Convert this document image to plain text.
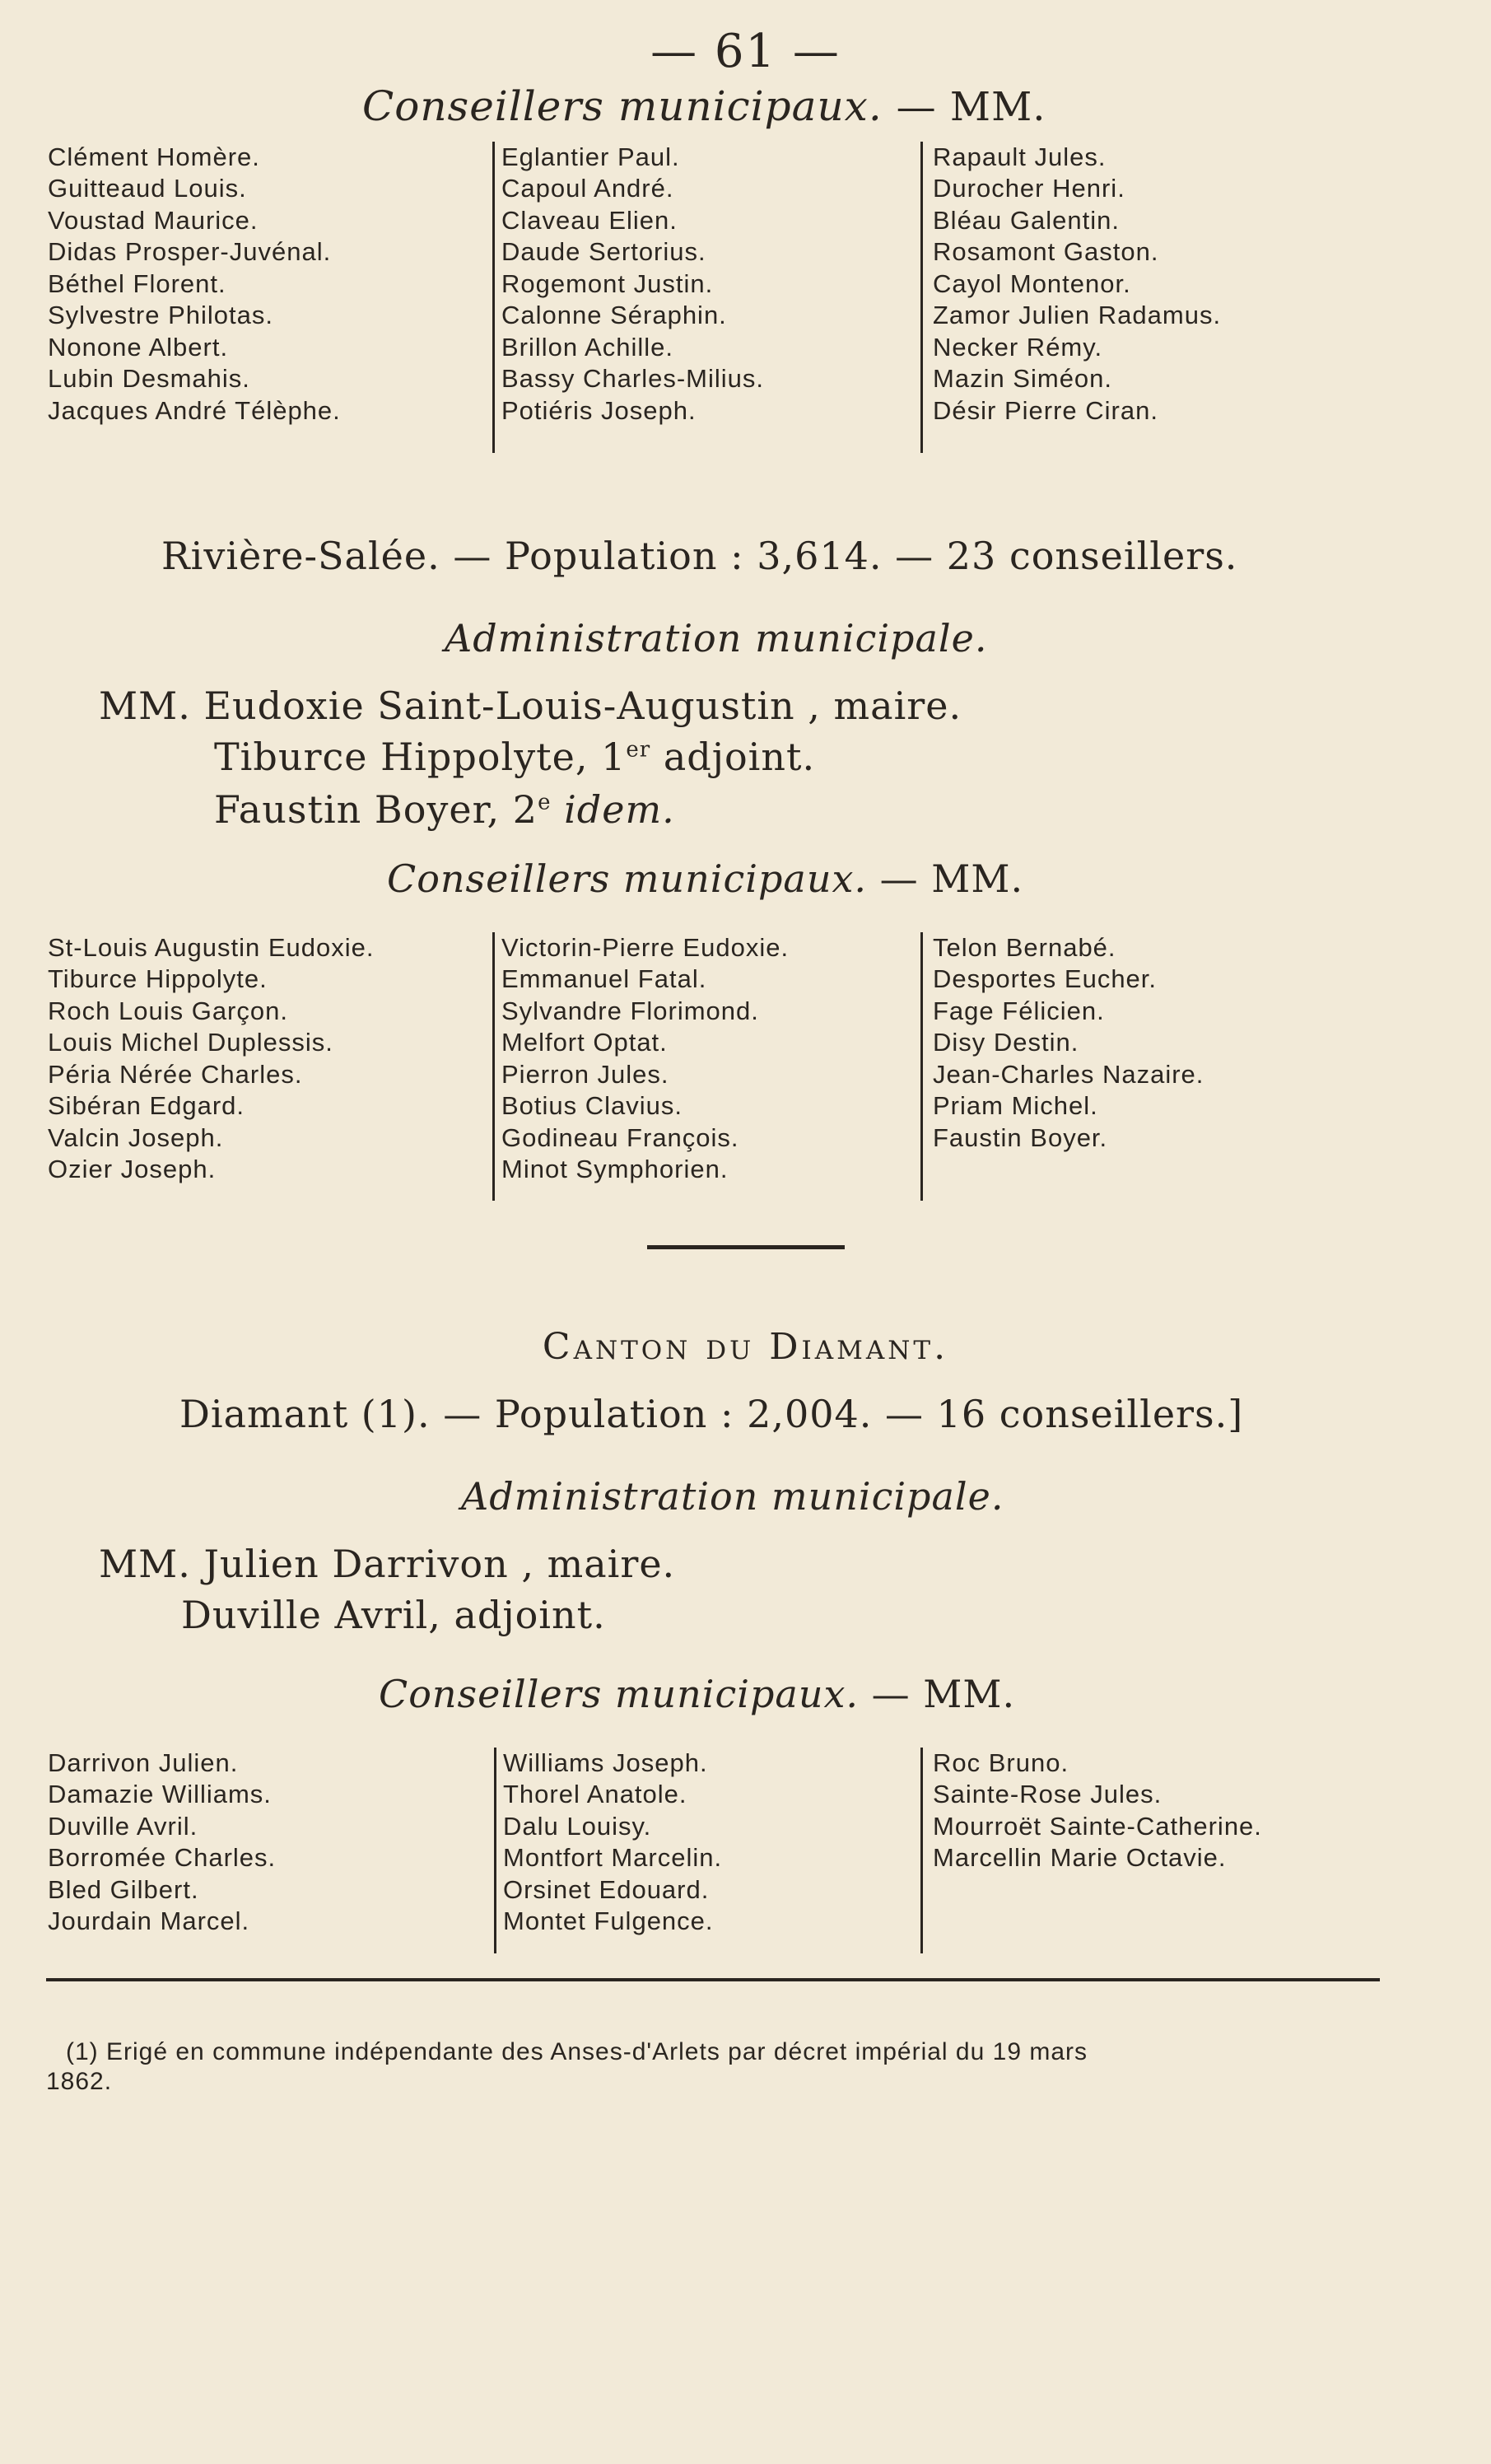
— 61 —
Conseillers municipaux. — MM.
Clément Homère.
Guitteaud Louis.
Voustad Maurice.
Didas Prosper-Juvénal.
Béthel Florent.
Sylvestre Philotas.
Nonone Albert.
Lubin Desmahis.
Jacques André Télèphe.
Eglantier Paul.
Capoul André.
Claveau Elien.
Daude Sertorius.
Rogemont Justin.
Calonne Séraphin.
Brillon Achille.
Bassy Charles-Milius.
Potiéris Joseph.
Rapault Jules.
Durocher Henri.
Bléau Galentin.
Rosamont Gaston.
Cayol Montenor.
Zamor Julien Radamus.
Necker Rémy.
Mazin Siméon.
Désir Pierre Ciran.
Rivière-Salée. — Population : 3,614. — 23 conseillers.
Administration municipale.
MM. Eudoxie Saint-Louis-Augustin , maire.
Tiburce Hippolyte, 1er adjoint.
Faustin Boyer, 2e idem.
Conseillers municipaux. — MM.
St-Louis Augustin Eudoxie.
Tiburce Hippolyte.
Roch Louis Garçon.
Louis Michel Duplessis.
Péria Nérée Charles.
Sibéran Edgard.
Valcin Joseph.
Ozier Joseph.
Victorin-Pierre Eudoxie.
Emmanuel Fatal.
Sylvandre Florimond.
Melfort Optat.
Pierron Jules.
Botius Clavius.
Godineau François.
Minot Symphorien.
Telon Bernabé.
Desportes Eucher.
Fage Félicien.
Disy Destin.
Jean-Charles Nazaire.
Priam Michel.
Faustin Boyer.
Canton du Diamant.
Diamant (1). — Population : 2,004. — 16 conseillers.]
Administration municipale.
MM. Julien Darrivon , maire.
Duville Avril, adjoint.
Conseillers municipaux. — MM.
Darrivon Julien.
Damazie Williams.
Duville Avril.
Borromée Charles.
Bled Gilbert.
Jourdain Marcel.
Williams Joseph.
Thorel Anatole.
Dalu Louisy.
Montfort Marcelin.
Orsinet Edouard.
Montet Fulgence.
Roc Bruno.
Sainte-Rose Jules.
Mourroët Sainte-Catherine.
Marcellin Marie Octavie.
(1) Erigé en commune indépendante des Anses-d'Arlets par décret impérial du 19 mars
1862.
